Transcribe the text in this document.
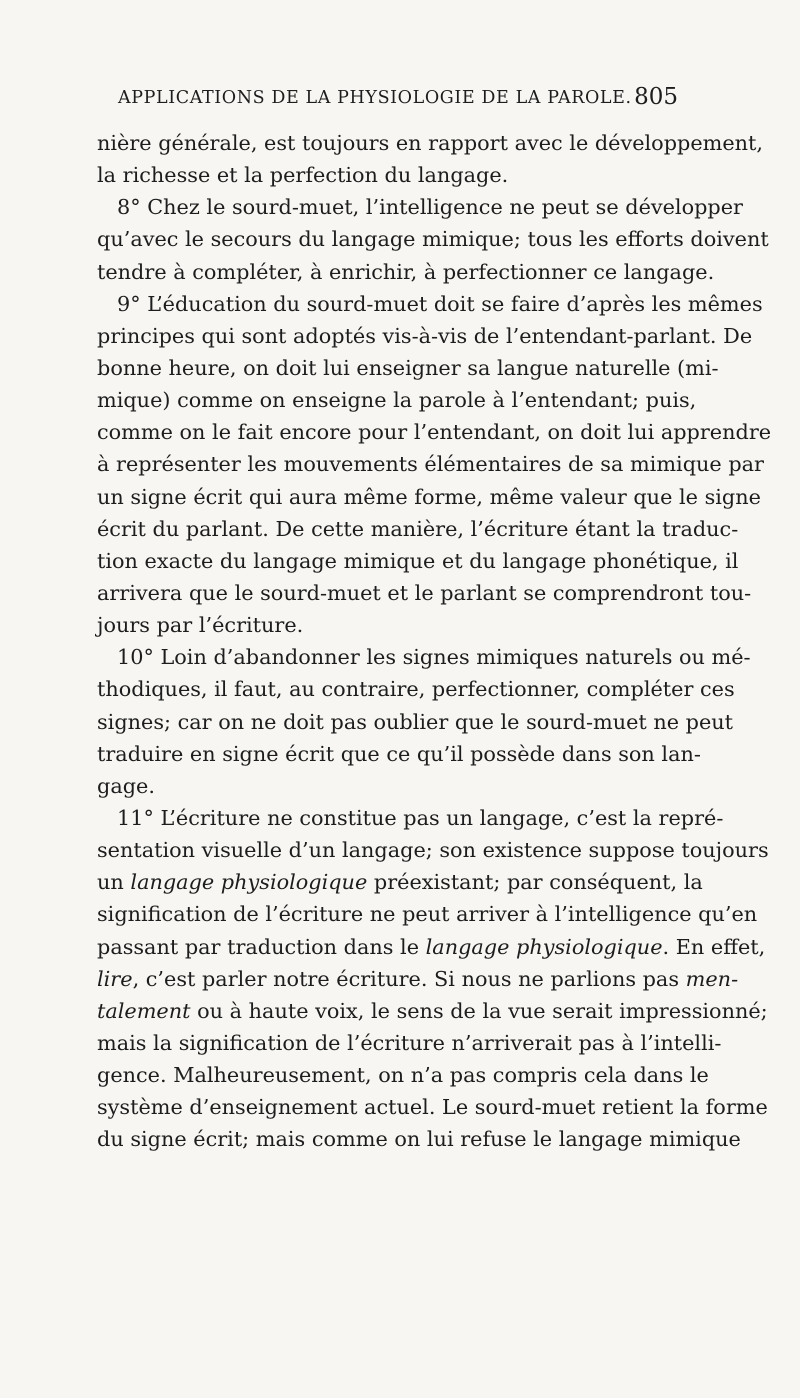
APPLICATIONS DE LA PHYSIOLOGIE DE LA PAROLE. 805
nière générale, est toujours en rapport avec le développement,
la richesse et la perfection du langage.
8° Chez le sourd-muet, l’intelligence ne peut se développer
qu’avec le secours du langage mimique; tous les efforts doivent
tendre à compléter, à enrichir, à perfectionner ce langage.
9° L’éducation du sourd-muet doit se faire d’après les mêmes
principes qui sont adoptés vis-à-vis de l’entendant-parlant. De
bonne heure, on doit lui enseigner sa langue naturelle (mi-
mique) comme on enseigne la parole à l’entendant; puis,
comme on le fait encore pour l’entendant, on doit lui apprendre
à représenter les mouvements élémentaires de sa mimique par
un signe écrit qui aura même forme, même valeur que le signe
écrit du parlant. De cette manière, l’écriture étant la traduc-
tion exacte du langage mimique et du langage phonétique, il
arrivera que le sourd-muet et le parlant se comprendront tou-
jours par l’écriture.
10° Loin d’abandonner les signes mimiques naturels ou mé-
thodiques, il faut, au contraire, perfectionner, compléter ces
signes; car on ne doit pas oublier que le sourd-muet ne peut
traduire en signe écrit que ce qu’il possède dans son lan-
gage.
11° L’écriture ne constitue pas un langage, c’est la repré-
sentation visuelle d’un langage; son existence suppose toujours
un langage physiologique préexistant; par conséquent, la
signification de l’écriture ne peut arriver à l’intelligence qu’en
passant par traduction dans le langage physiologique. En effet,
lire, c’est parler notre écriture. Si nous ne parlions pas men-
talement ou à haute voix, le sens de la vue serait impressionné;
mais la signification de l’écriture n’arriverait pas à l’intelli-
gence. Malheureusement, on n’a pas compris cela dans le
système d’enseignement actuel. Le sourd-muet retient la forme
du signe écrit; mais comme on lui refuse le langage mimique
